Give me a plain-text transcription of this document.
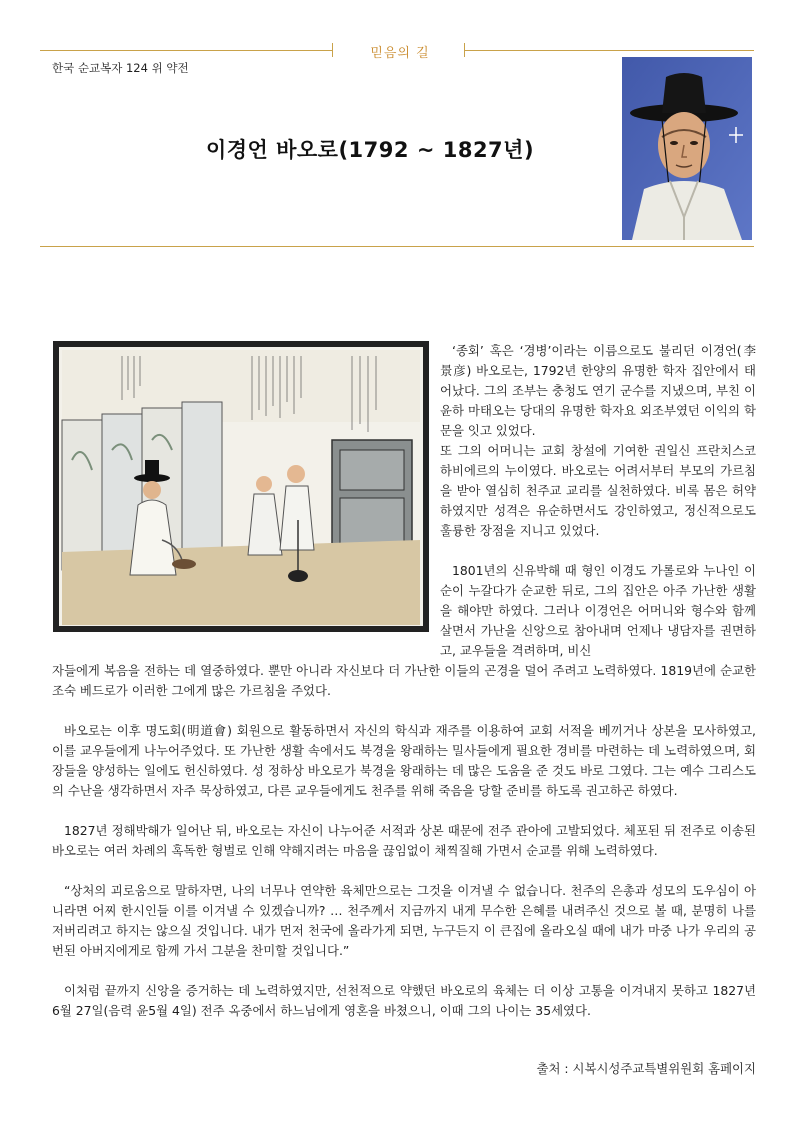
믿음의 길
한국 순교복자 124 위 약전
이경언 바오로(1792 ~ 1827년)

‘종회’ 혹은 ‘경병’이라는 이름으로도 불리던 이경언(李景彦) 바오로는, 1792년 한양의 유명한 학자 집안에서 태어났다. 그의 조부는 충청도 연기 군수를 지냈으며, 부친 이윤하 마태오는 당대의 유명한 학자요 외조부였던 이익의 학문을 잇고 있었다.

또 그의 어머니는 교회 창설에 기여한 권일신 프란치스코 하비에르의 누이였다. 바오로는 어려서부터 부모의 가르침을 받아 열심히 천주교 교리를 실천하였다. 비록 몸은 허약하였지만 성격은 유순하면서도 강인하였고, 정신적으로도 훌륭한 장점을 지니고 있었다.

1801년의 신유박해 때 형인 이경도 가롤로와 누나인 이순이 누갈다가 순교한 뒤로, 그의 집안은 아주 가난한 생활을 해야만 하였다. 그러나 이경언은 어머니와 형수와 함께 살면서 가난을 신앙으로 참아내며 언제나 냉담자를 권면하고, 교우들을 격려하며, 비신

자들에게 복음을 전하는 데 열중하였다. 뿐만 아니라 자신보다 더 가난한 이들의 곤경을 덜어 주려고 노력하였다. 1819년에 순교한 조숙 베드로가 이러한 그에게 많은 가르침을 주었다.

바오로는 이후 명도회(明道會) 회원으로 활동하면서 자신의 학식과 재주를 이용하여 교회 서적을 베끼거나 상본을 모사하였고, 이를 교우들에게 나누어주었다. 또 가난한 생활 속에서도 북경을 왕래하는 밀사들에게 필요한 경비를 마련하는 데 노력하였으며, 회장들을 양성하는 일에도 헌신하였다. 성 정하상 바오로가 북경을 왕래하는 데 많은 도움을 준 것도 바로 그였다. 그는 예수 그리스도의 수난을 생각하면서 자주 묵상하였고, 다른 교우들에게도 천주를 위해 죽음을 당할 준비를 하도록 권고하곤 하였다.

1827년 정해박해가 일어난 뒤, 바오로는 자신이 나누어준 서적과 상본 때문에 전주 관아에 고발되었다. 체포된 뒤 전주로 이송된 바오로는 여러 차례의 혹독한 형벌로 인해 약해지려는 마음을 끊임없이 채찍질해 가면서 순교를 위해 노력하였다.

“상처의 괴로움으로 말하자면, 나의 너무나 연약한 육체만으로는 그것을 이겨낼 수 없습니다. 천주의 은총과 성모의 도우심이 아니라면 어찌 한시인들 이를 이겨낼 수 있겠습니까? … 천주께서 지금까지 내게 무수한 은혜를 내려주신 것으로 볼 때, 분명히 나를 저버리려고 하지는 않으실 것입니다. 내가 먼저 천국에 올라가게 되면, 누구든지 이 큰집에 올라오실 때에 내가 마중 나가 우리의 공번된 아버지에게로 함께 가서 그분을 찬미할 것입니다.”

이처럼 끝까지 신앙을 증거하는 데 노력하였지만, 선천적으로 약했던 바오로의 육체는 더 이상 고통을 이겨내지 못하고 1827년 6월 27일(음력 윤5월 4일) 전주 옥중에서 하느님에게 영혼을 바쳤으니, 이때 그의 나이는 35세였다.

출처 : 시복시성주교특별위원회 홈페이지
